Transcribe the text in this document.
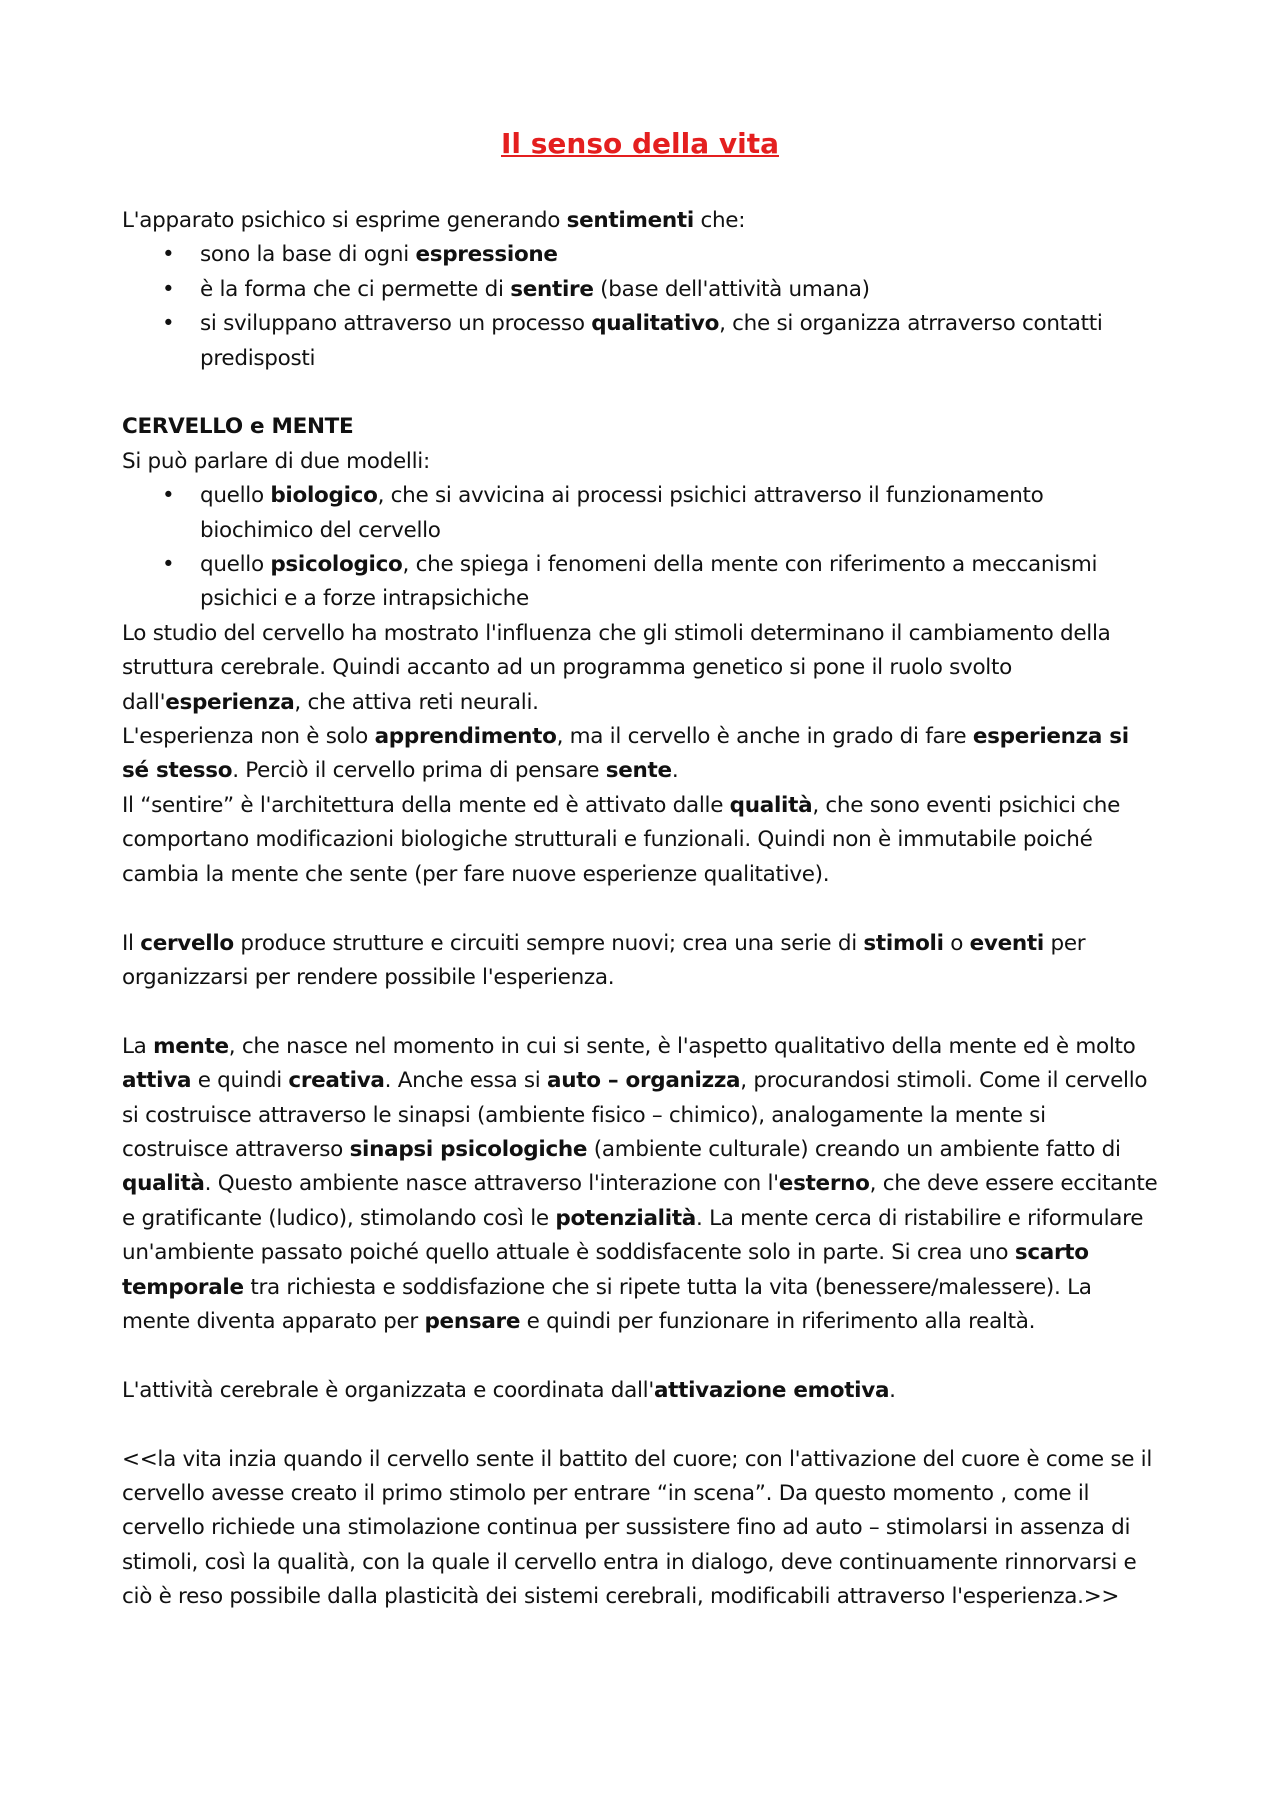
Il senso della vita

L'apparato psichico si esprime generando sentimenti che:

• sono la base di ogni espressione
• è la forma che ci permette di sentire (base dell'attività umana)
• si sviluppano attraverso un processo qualitativo, che si organizza atrraverso contatti predisposti

CERVELLO e MENTE

Si può parlare di due modelli:

• quello biologico, che si avvicina ai processi psichici attraverso il funzionamento biochimico del cervello
• quello psicologico, che spiega i fenomeni della mente con riferimento a meccanismi psichici e a forze intrapsichiche

Lo studio del cervello ha mostrato l'influenza che gli stimoli determinano il cambiamento della struttura cerebrale. Quindi accanto ad un programma genetico si pone il ruolo svolto dall'esperienza, che attiva reti neurali.

L'esperienza non è solo apprendimento, ma il cervello è anche in grado di fare esperienza si sé stesso. Perciò il cervello prima di pensare sente.

Il “sentire” è l'architettura della mente ed è attivato dalle qualità, che sono eventi psichici che comportano modificazioni biologiche strutturali e funzionali. Quindi non è immutabile poiché cambia la mente che sente (per fare nuove esperienze qualitative).

Il cervello produce strutture e circuiti sempre nuovi; crea una serie di stimoli o eventi per organizzarsi per rendere possibile l'esperienza.

La mente, che nasce nel momento in cui si sente, è l'aspetto qualitativo della mente ed è molto attiva e quindi creativa. Anche essa si auto – organizza, procurandosi stimoli. Come il cervello si costruisce attraverso le sinapsi (ambiente fisico – chimico), analogamente la mente si costruisce attraverso sinapsi psicologiche (ambiente culturale) creando un ambiente fatto di qualità. Questo ambiente nasce attraverso l'interazione con l'esterno, che deve essere eccitante e gratificante (ludico), stimolando così le potenzialità. La mente cerca di ristabilire e riformulare un'ambiente passato poiché quello attuale è soddisfacente solo in parte. Si crea uno scarto temporale tra richiesta e soddisfazione che si ripete tutta la vita (benessere/malessere). La mente diventa apparato per pensare e quindi per funzionare in riferimento alla realtà.

L'attività cerebrale è organizzata e coordinata dall'attivazione emotiva.

<<la vita inzia quando il cervello sente il battito del cuore; con l'attivazione del cuore è come se il cervello avesse creato il primo stimolo per entrare “in scena”. Da questo momento , come il cervello richiede una stimolazione continua per sussistere fino ad auto – stimolarsi in assenza di stimoli, così la qualità, con la quale il cervello entra in dialogo, deve continuamente rinnorvarsi e ciò è reso possibile dalla plasticità dei sistemi cerebrali, modificabili attraverso l'esperienza.>>
